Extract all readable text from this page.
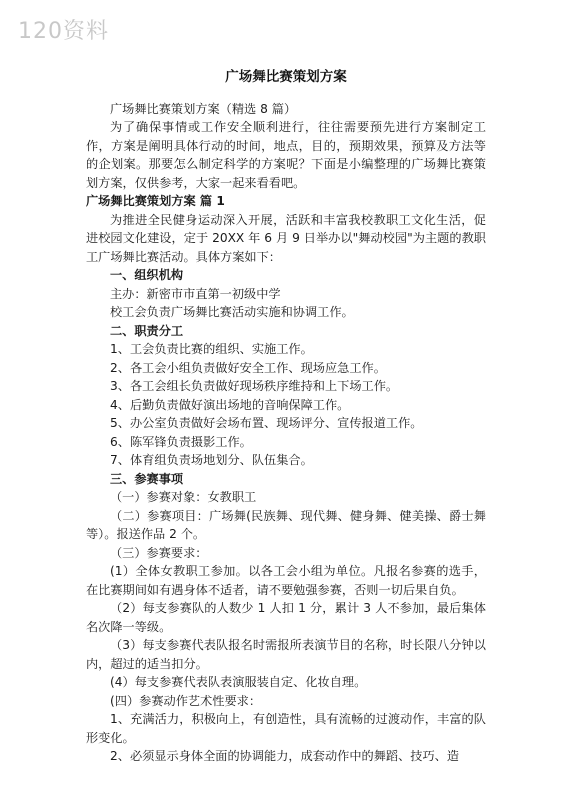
120资料
广场舞比赛策划方案

广场舞比赛策划方案（精选 8 篇）

为了确保事情或工作安全顺利进行，往往需要预先进行方案制定工作，方案是阐明具体行动的时间，地点，目的，预期效果，预算及方法等的企划案。那要怎么制定科学的方案呢？下面是小编整理的广场舞比赛策划方案，仅供参考，大家一起来看看吧。

广场舞比赛策划方案 篇 1

为推进全民健身运动深入开展，活跃和丰富我校教职工文化生活，促进校园文化建设，定于 20XX 年 6 月 9 日举办以"舞动校园"为主题的教职工广场舞比赛活动。具体方案如下：

一、组织机构

主办：新密市市直第一初级中学

校工会负责广场舞比赛活动实施和协调工作。

二、职责分工

1、工会负责比赛的组织、实施工作。

2、各工会小组负责做好安全工作、现场应急工作。

3、各工会组长负责做好现场秩序维持和上下场工作。

4、后勤负责做好演出场地的音响保障工作。

5、办公室负责做好会场布置、现场评分、宣传报道工作。

6、陈军锋负责摄影工作。

7、体育组负责场地划分、队伍集合。

三、参赛事项

（一）参赛对象：女教职工

（二）参赛项目：广场舞(民族舞、现代舞、健身舞、健美操、爵士舞等）。报送作品 2 个。

（三）参赛要求：

(1）全体女教职工参加。以各工会小组为单位。凡报名参赛的选手，在比赛期间如有遇身体不适者，请不要勉强参赛，否则一切后果自负。

（2）每支参赛队的人数少 1 人扣 1 分，累计 3 人不参加，最后集体名次降一等级。

（3）每支参赛代表队报名时需报所表演节目的名称，时长限八分钟以内，超过的适当扣分。

(4）每支参赛代表队表演服装自定、化妆自理。

(四）参赛动作艺术性要求：

1、充满活力，积极向上，有创造性，具有流畅的过渡动作，丰富的队形变化。

2、必须显示身体全面的协调能力，成套动作中的舞蹈、技巧、造
